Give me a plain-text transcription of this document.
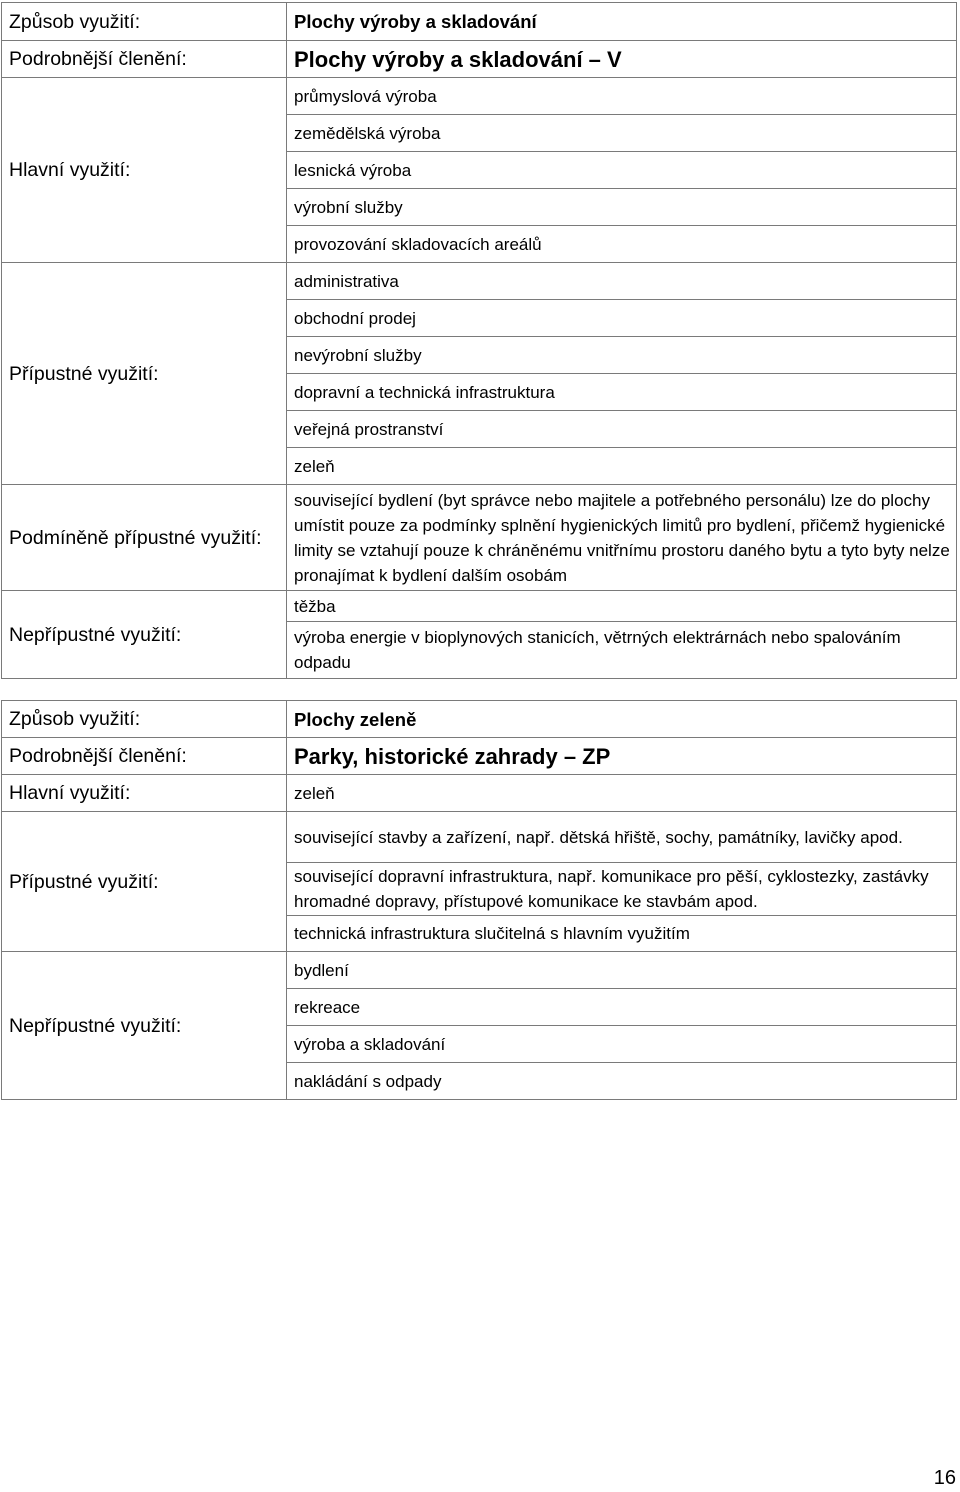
Způsob využití:	Plochy výroby a skladování
Podrobnější členění:	Plochy výroby a skladování – V
Hlavní využití:	průmyslová výroba
	zemědělská výroba
	lesnická výroba
	výrobní služby
	provozování skladovacích areálů
Přípustné využití:	administrativa
	obchodní prodej
	nevýrobní služby
	dopravní a technická infrastruktura
	veřejná prostranství
	zeleň
Podmíněně přípustné využití:	související bydlení (byt správce nebo majitele a potřebného personálu) lze do plochy umístit pouze za podmínky splnění hygienických limitů pro bydlení, přičemž hygienické limity se vztahují pouze k chráněnému vnitřnímu prostoru daného bytu a tyto byty nelze pronajímat k bydlení dalším osobám
Nepřípustné využití:	těžba
	výroba energie v bioplynových stanicích, větrných elektrárnách nebo spalováním odpadu
Způsob využití:	Plochy zeleně
Podrobnější členění:	Parky, historické zahrady – ZP
Hlavní využití:	zeleň
Přípustné využití:	související stavby a zařízení, např. dětská hřiště, sochy, památníky, lavičky apod.
	související dopravní infrastruktura, např. komunikace pro pěší, cyklostezky, zastávky hromadné dopravy, přístupové komunikace ke stavbám apod.
	technická infrastruktura slučitelná s hlavním využitím
Nepřípustné využití:	bydlení
	rekreace
	výroba a skladování
	nakládání s odpady
16
